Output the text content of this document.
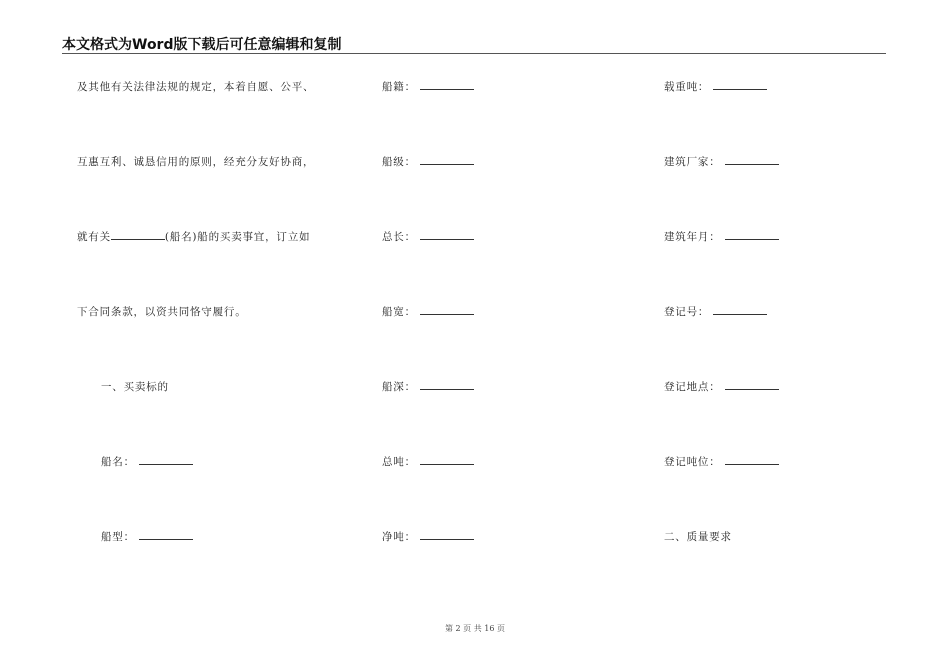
本文格式为Word版下载后可任意编辑和复制
及其他有关法律法规的规定，本着自愿、公平、
互惠互利、诚恳信用的原则，经充分友好协商，
就有关	(船名)船的买卖事宜，订立如
下合同条款，以资共同恪守履行。
一、买卖标的
船名：
船型：
船籍：
船级：
总长：
船宽：
船深：
总吨：
净吨：
载重吨：
建筑厂家：
建筑年月：
登记号：
登记地点：
登记吨位：
二、质量要求
第 2 页 共 16 页
